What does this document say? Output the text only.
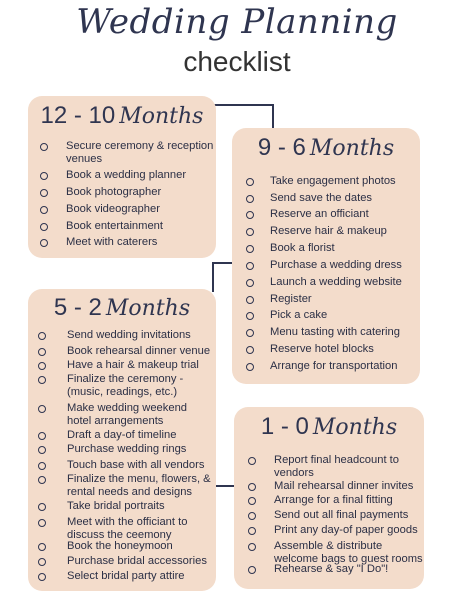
Wedding Planning
checklist
12 - 10 Months
Secure ceremony & reception
venues
Book a wedding planner
Book photographer
Book videographer
Book entertainment
Meet with caterers
9 - 6 Months
Take engagement photos
Send save the dates
Reserve an officiant
Reserve hair & makeup
Book a florist
Purchase a wedding dress
Launch a wedding website
Register
Pick a cake
Menu tasting with catering
Reserve hotel blocks
Arrange for transportation
5 - 2 Months
Send wedding invitations
Book rehearsal dinner venue
Have a hair & makeup trial
Finalize the ceremony -
(music, readings, etc.)
Make wedding weekend
hotel arrangements
Draft a day-of timeline
Purchase wedding rings
Touch base with all vendors
Finalize the menu, flowers, &
rental needs and designs
Take bridal portraits
Meet with the officiant to
discuss the ceemony
Book the honeymoon
Purchase bridal accessories
Select bridal party attire
1 - 0 Months
Report final headcount to
vendors
Mail rehearsal dinner invites
Arrange for a final fitting
Send out all final payments
Print any day-of paper goods
Assemble & distribute
welcome bags to guest rooms
Rehearse & say "I Do"!
